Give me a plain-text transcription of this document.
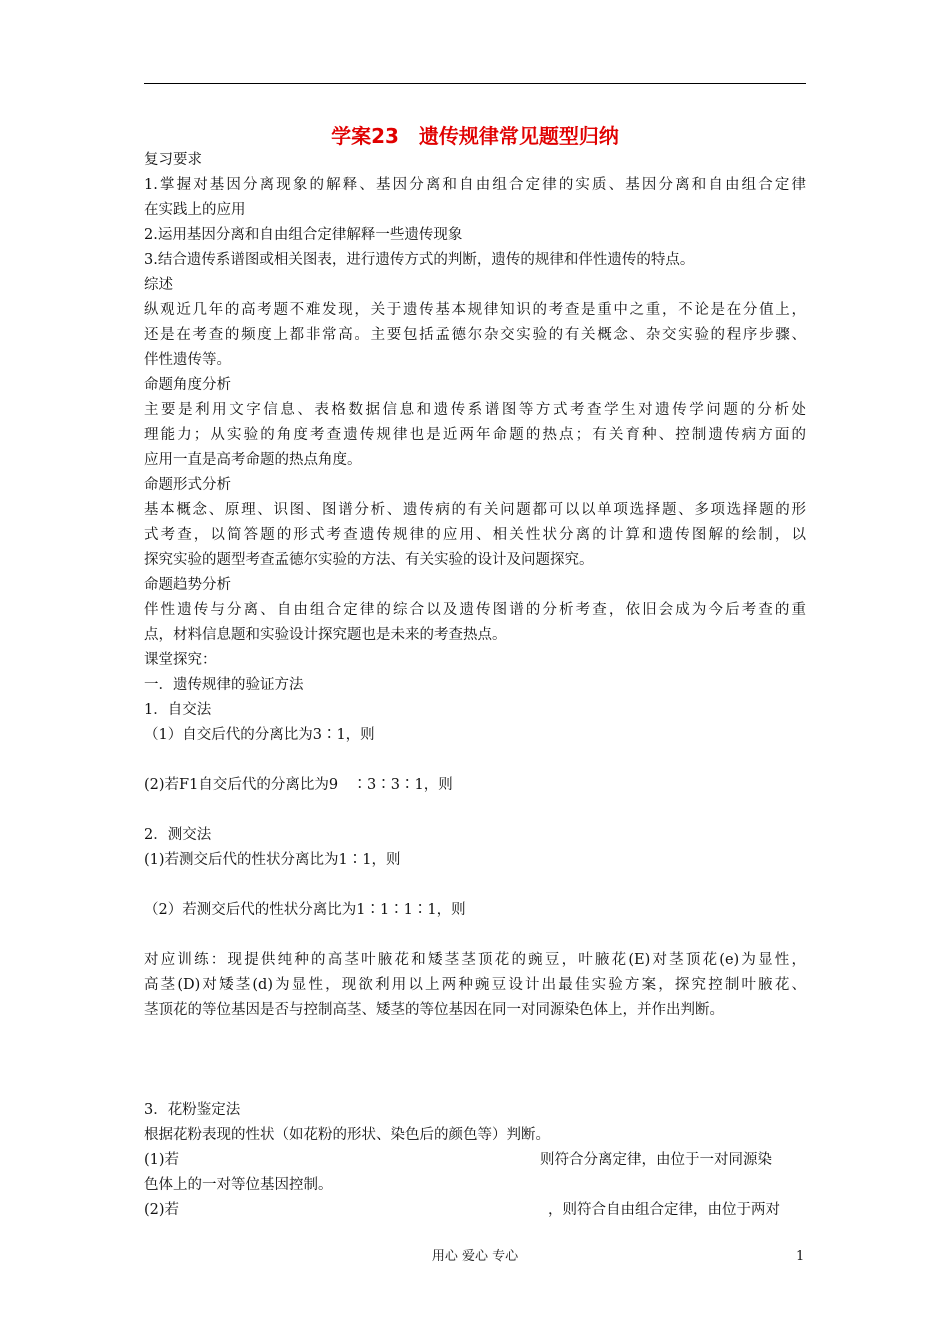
学案23　遗传规律常见题型归纳
复习要求
1.掌握对基因分离现象的解释、基因分离和自由组合定律的实质、基因分离和自由组合定律
在实践上的应用
2.运用基因分离和自由组合定律解释一些遗传现象
3.结合遗传系谱图或相关图表，进行遗传方式的判断，遗传的规律和伴性遗传的特点。
综述
纵观近几年的高考题不难发现，关于遗传基本规律知识的考查是重中之重，不论是在分值上，
还是在考查的频度上都非常高。主要包括孟德尔杂交实验的有关概念、杂交实验的程序步骤、
伴性遗传等。
命题角度分析
主要是利用文字信息、表格数据信息和遗传系谱图等方式考查学生对遗传学问题的分析处
理能力；从实验的角度考查遗传规律也是近两年命题的热点；有关育种、控制遗传病方面的
应用一直是高考命题的热点角度。
命题形式分析
基本概念、原理、识图、图谱分析、遗传病的有关问题都可以以单项选择题、多项选择题的形
式考查，以简答题的形式考查遗传规律的应用、相关性状分离的计算和遗传图解的绘制，以
探究实验的题型考查孟德尔实验的方法、有关实验的设计及问题探究。
命题趋势分析
伴性遗传与分离、自由组合定律的综合以及遗传图谱的分析考查，依旧会成为今后考查的重
点，材料信息题和实验设计探究题也是未来的考查热点。
课堂探究：
一．遗传规律的验证方法
1．自交法
（1）自交后代的分离比为3∶1，则
(2)若F1自交后代的分离比为9　∶3∶3∶1，则
2．测交法
(1)若测交后代的性状分离比为1∶1，则
（2）若测交后代的性状分离比为1∶1∶1∶1，则
对应训练：现提供纯种的高茎叶腋花和矮茎茎顶花的豌豆，叶腋花(E)对茎顶花(e)为显性，
高茎(D)对矮茎(d)为显性，现欲利用以上两种豌豆设计出最佳实验方案，探究控制叶腋花、
茎顶花的等位基因是否与控制高茎、矮茎的等位基因在同一对同源染色体上，并作出判断。
3．花粉鉴定法
根据花粉表现的性状（如花粉的形状、染色后的颜色等）判断。
(1)若	则符合分离定律，由位于一对同源染
色体上的一对等位基因控制。
(2)若	，则符合自由组合定律，由位于两对
用心 爱心 专心	1
